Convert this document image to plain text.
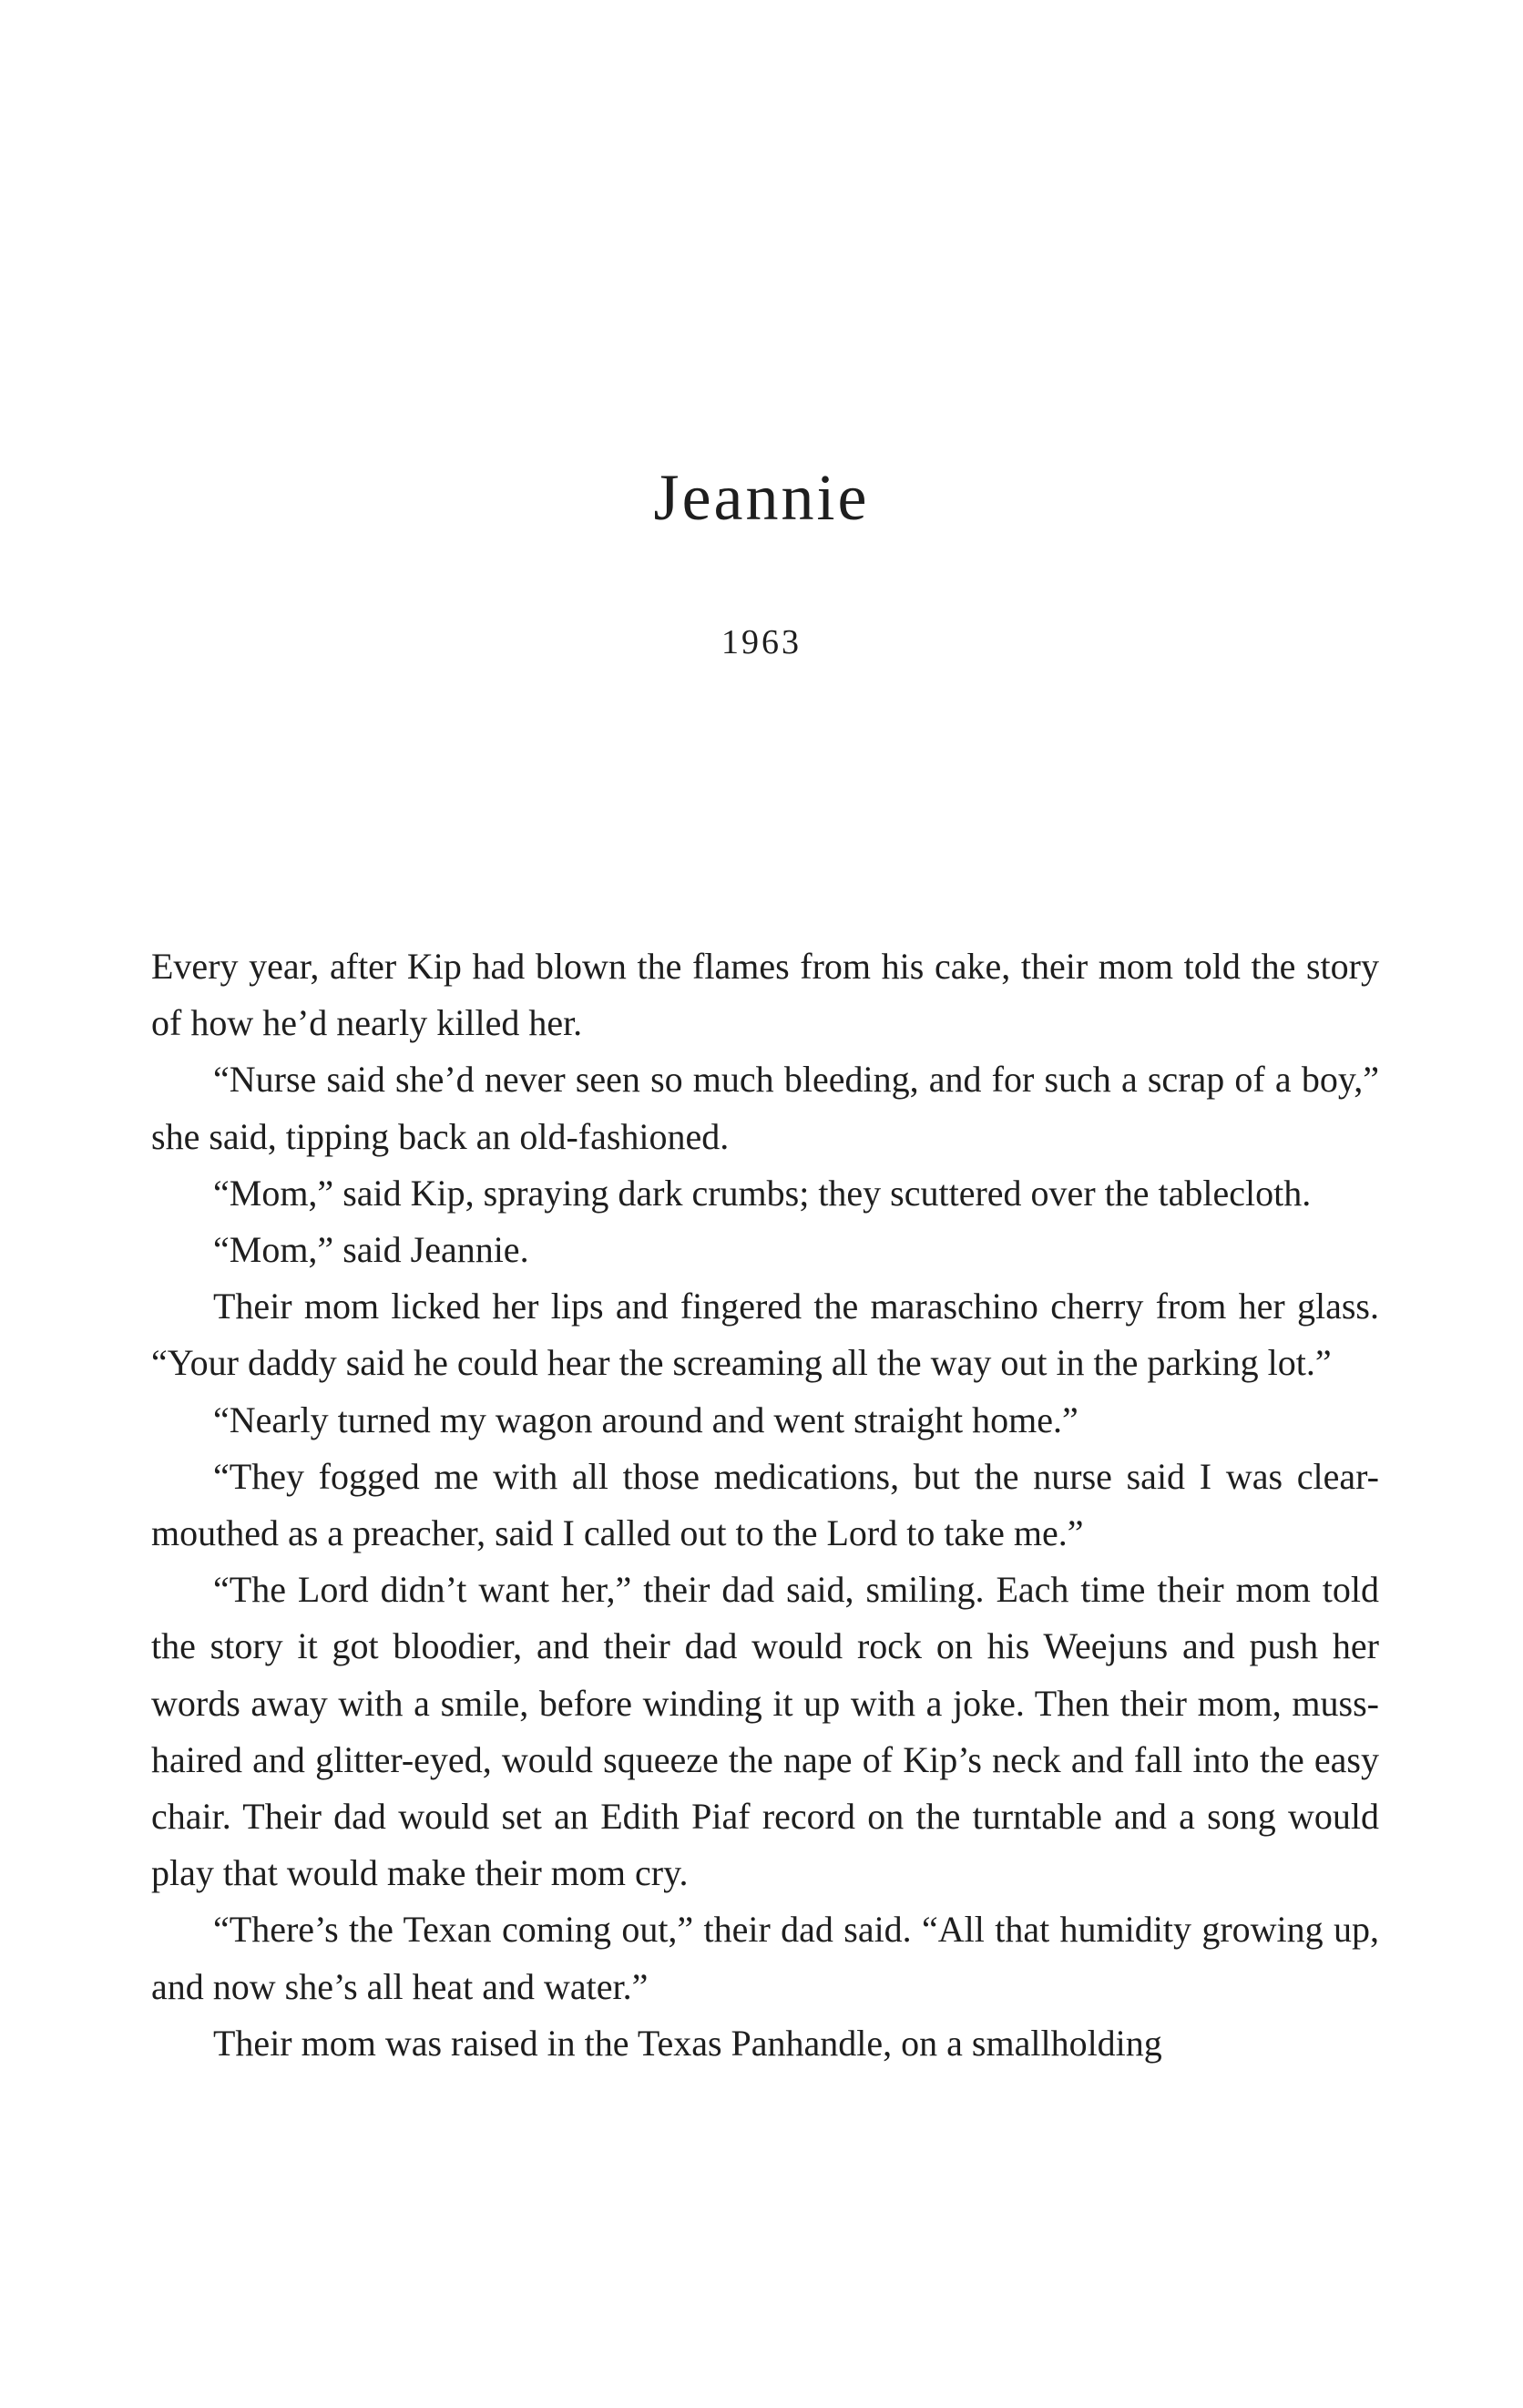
Jeannie
1963

Every year, after Kip had blown the flames from his cake, their mom told the story of how he’d nearly killed her.

“Nurse said she’d never seen so much bleeding, and for such a scrap of a boy,” she said, tipping back an old-fashioned.

“Mom,” said Kip, spraying dark crumbs; they scuttered over the tablecloth.

“Mom,” said Jeannie.

Their mom licked her lips and fingered the maraschino cherry from her glass. “Your daddy said he could hear the screaming all the way out in the parking lot.”

“Nearly turned my wagon around and went straight home.”

“They fogged me with all those medications, but the nurse said I was clear-mouthed as a preacher, said I called out to the Lord to take me.”

“The Lord didn’t want her,” their dad said, smiling. Each time their mom told the story it got bloodier, and their dad would rock on his Weejuns and push her words away with a smile, before winding it up with a joke. Then their mom, muss-haired and glitter-eyed, would squeeze the nape of Kip’s neck and fall into the easy chair. Their dad would set an Edith Piaf record on the turntable and a song would play that would make their mom cry.

“There’s the Texan coming out,” their dad said. “All that humidity growing up, and now she’s all heat and water.”

Their mom was raised in the Texas Panhandle, on a smallholding
